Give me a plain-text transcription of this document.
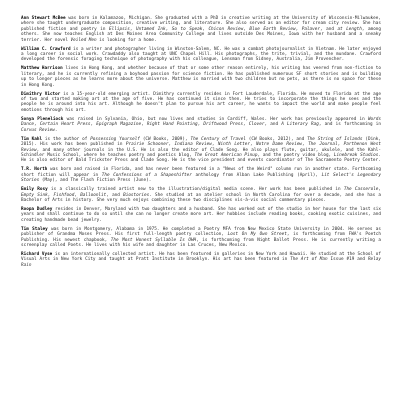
Ann Stewart McBee was born in Kalamazoo, Michigan. She graduated with a PhD in creative writing at the University of Wisconsin-Milwaukee, where she taught undergraduate composition, creative writing, and literature. She also served as an editor for cream city review. She has published fiction and poetry in Ellipsis, Untamed Ink, So to Speak, Chicon Review, Blue Earth Review, Palaver, and at Length, among others. She now teaches English at Des Moines Area Community College and lives outside Des Moines, Iowa with her husband and a sneaky terrier. Her novel Veiled Men is looking for a home.

William C. Crawford is a writer and photographer living in Winston-Salem, NC. He was a combat photojournalist in Vietnam. He later enjoyed a long career in social work. Crawdaddy also taught at UNC Chapel Hill. His photographs, the trite, trivial, and the mundane. Crawford developed the forensic foraging technique of photography with his colleague, Lensman from Sidney, Australia, Jim Provencher.

Matthew Harrison lives in Hong Kong, and whether because of that or some other reason entirely, his writing has veered from non-fiction to literary, and he is currently refining a boyhood passion for science fiction. He has published numerous SF short stories and is building up to longer pieces as he learns more about the universe. Matthew is married with two children but no pets, as there is no space for these in Hong Kong.

Dimithry Victor is a 15-year-old emerging artist. Dimithry currently resides in Fort Lauderdale, Florida. He moved to Florida at the age of two and started making art at the age of five. He has continued it since then. He tries to incorporate the things he sees and the people he is around into his art. Although he doesn't plan to pursue his art career, he wants to impact the world and make people feel emotions through his art.

Sonya Pleneliock was raised in Sylvania, Ohio, but now lives and studies in Cardiff, Wales. Her work has previously appeared in Words Dance, Certain Heart Press, Epigraph Magazine, Right Hand Pointing, Driftwood Press, Clover, and A Literary Rag, and is forthcoming in Corvus Review.

Tim Kahl is the author of Possessing Yourself (CW Books, 2009), The Century of Travel (CW Books, 2012), and The String of Islands (Dink, 2015). His work has been published in Prairie Schooner, Indiana Review, Ninth Letter, Notre Dame Review, The Journal, Parthenon West Review, and many other journals in the U.S. He is also the editor of Clade Song. He also plays flute, guitar, ukulele, and the Kahl-Schindler Music School, where he teaches poetry and poetics blog, The Great American Pinup, and the poetry video blog, Linebreak Studios. He is also editor of Bald Trickster Press and Clade Song. He is the vice president and events coordinator of The Sacramento Poetry Center.

T.R. North was born and raised in Florida, and has never been featured in a "News of the Weird" column run in another state. Forthcoming short fiction will appear in The Confessions of a Shapeshifter anthology from Alban Lake Publishing (April), Lit Select's Legendary Stories (May), and The Flash Fiction Press (June).

Emily Rosy is a classically trained artist new to the illustration/digital media scene. Her work has been published in The Casserole, Empty Sink, Fishfood, Balloonlit, and Biostories. She studied at an atelier school in North Carolina for over a decade, and she has a Bachelor of Arts in history. She very much enjoys combining these two disciplines vis-à-vis social commentary pieces.

Roopa Dudley resides in Denver, Maryland with two daughters and a husband. She has worked out of the studio in her house for the last six years and shall continue to do so until she can no longer create more art. Her hobbies include reading books, cooking exotic cuisines, and creating handmade bead jewelry.

Tim Staley was born in Montgomery, Alabama in 1975. He completed a Poetry MFA from New Mexico State University in 2004. He serves as publisher of Grandma Moses Press. His first full-length poetry collection, Lost On My Own Street, is forthcoming from FWA's Poetch Publishing. His newest chapbook, The Most Honest Syllable Is OHH, is forthcoming from Night Ballet Press. He is currently writing a screenplay called Poets. He lives with his wife and daughter in Las Cruces, New Mexico.

Richard Vyse is an internationally collected artist. He has been featured in galleries in New York and Hawaii. He studied at the School of Visual Arts in New York City and taught at Pratt Institute in Brooklyn. His art has been featured in The Art of Man Issue #19 and Relay Rain
